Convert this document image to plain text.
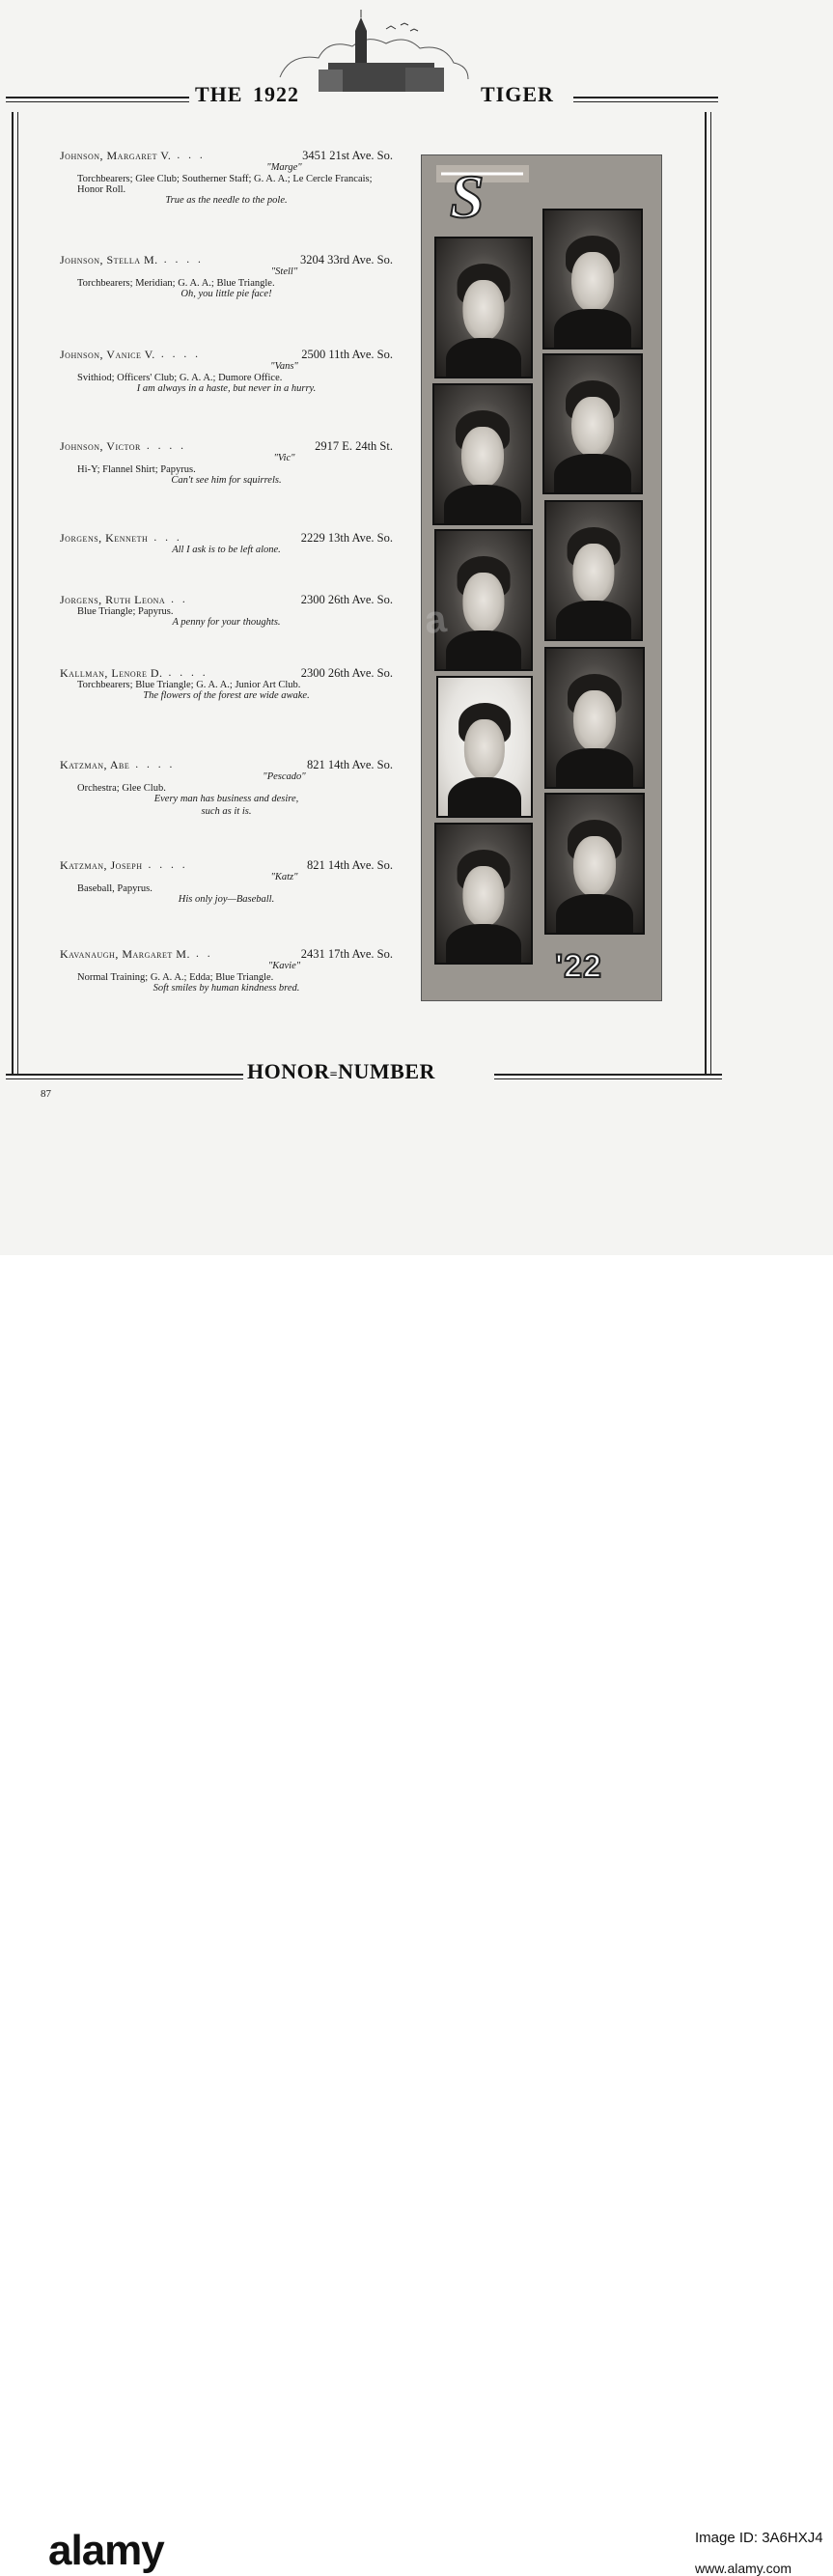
THE 1922	TIGER
Johnson, Margaret V. . . .	3451 21st Ave. So.
"Marge"
Torchbearers; Glee Club; Southerner Staff; G. A. A.; Le Cercle Francais; Honor Roll.
True as the needle to the pole.
Johnson, Stella M. . . . .	3204 33rd Ave. So.
"Stell"
Torchbearers; Meridian; G. A. A.; Blue Triangle.
Oh, you little pie face!
Johnson, Vanice V. . . . .	2500 11th Ave. So.
"Vans"
Svithiod; Officers' Club; G. A. A.; Dumore Office.
I am always in a haste, but never in a hurry.
Johnson, Victor . . . .	2917 E. 24th St.
"Vic"
Hi-Y; Flannel Shirt; Papyrus.
Can't see him for squirrels.
Jorgens, Kenneth . . .	2229 13th Ave. So.
All I ask is to be left alone.
Jorgens, Ruth Leona . .	2300 26th Ave. So.
Blue Triangle; Papyrus.
A penny for your thoughts.
Kallman, Lenore D. . . . .	2300 26th Ave. So.
Torchbearers; Blue Triangle; G. A. A.; Junior Art Club.
The flowers of the forest are wide awake.
Katzman, Abe . . . .	821 14th Ave. So.
"Pescado"
Orchestra; Glee Club.
Every man has business and desire, such as it is.
Katzman, Joseph . . . .	821 14th Ave. So.
"Katz"
Baseball, Papyrus.
His only joy—Baseball.
Kavanaugh, Margaret M. . .	2431 17th Ave. So.
"Kavie"
Normal Training; G. A. A.; Edda; Blue Triangle.
Soft smiles by human kindness bred.
S
'22
HONOR=NUMBER
87
a
alamy	Image ID: 3A6HXJ4
www.alamy.com
